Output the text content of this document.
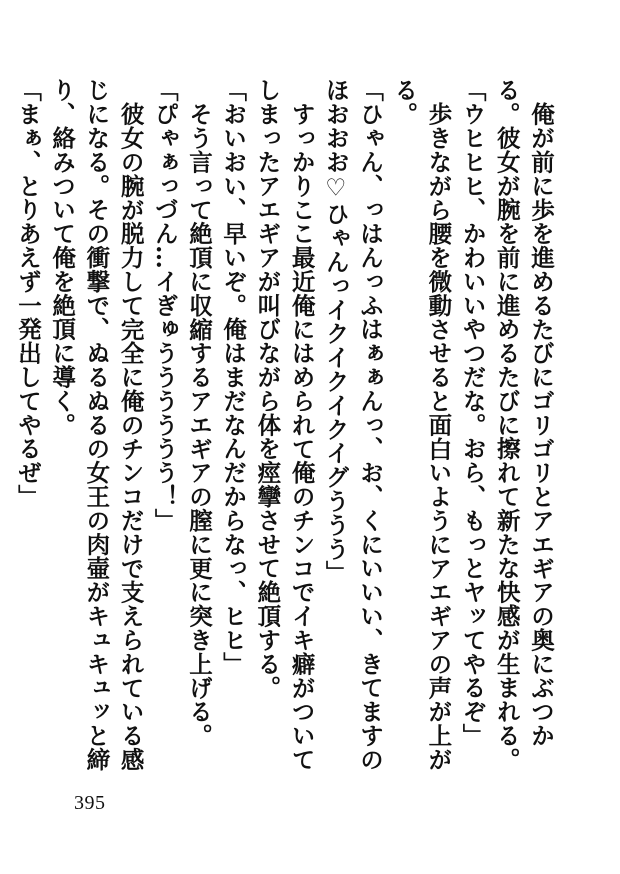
俺が前に歩を進めるたびにゴリゴリとアエギアの奥にぶつかる。彼女が腕を前に進めるたびに擦れて新たな快感が生まれる。

「ウヒヒヒ、かわいいやつだな。おら、もっとヤッてやるぞ」

歩きながら腰を微動させると面白いようにアエギアの声が上がる。

「ひゃん、っはんっふはぁぁんっ、お、くにいいい、きてますのほおおお♡ひゃんっイクイクイクイグううう」

すっかりここ最近俺にはめられて俺のチンコでイキ癖がついてしまったアエギアが叫びながら体を痙攣させて絶頂する。

「おいおい、早いぞ。俺はまだなんだからなっ、ヒヒ」

そう言って絶頂に収縮するアエギアの膣に更に突き上げる。

「ぴゃぁっづん…イぎゅうううううう！」

彼女の腕が脱力して完全に俺のチンコだけで支えられている感じになる。その衝撃で、ぬるぬるの女王の肉壷がキュキュッと締り、絡みついて俺を絶頂に導く。

「まぁ、とりあえず一発出してやるぜ」

395
